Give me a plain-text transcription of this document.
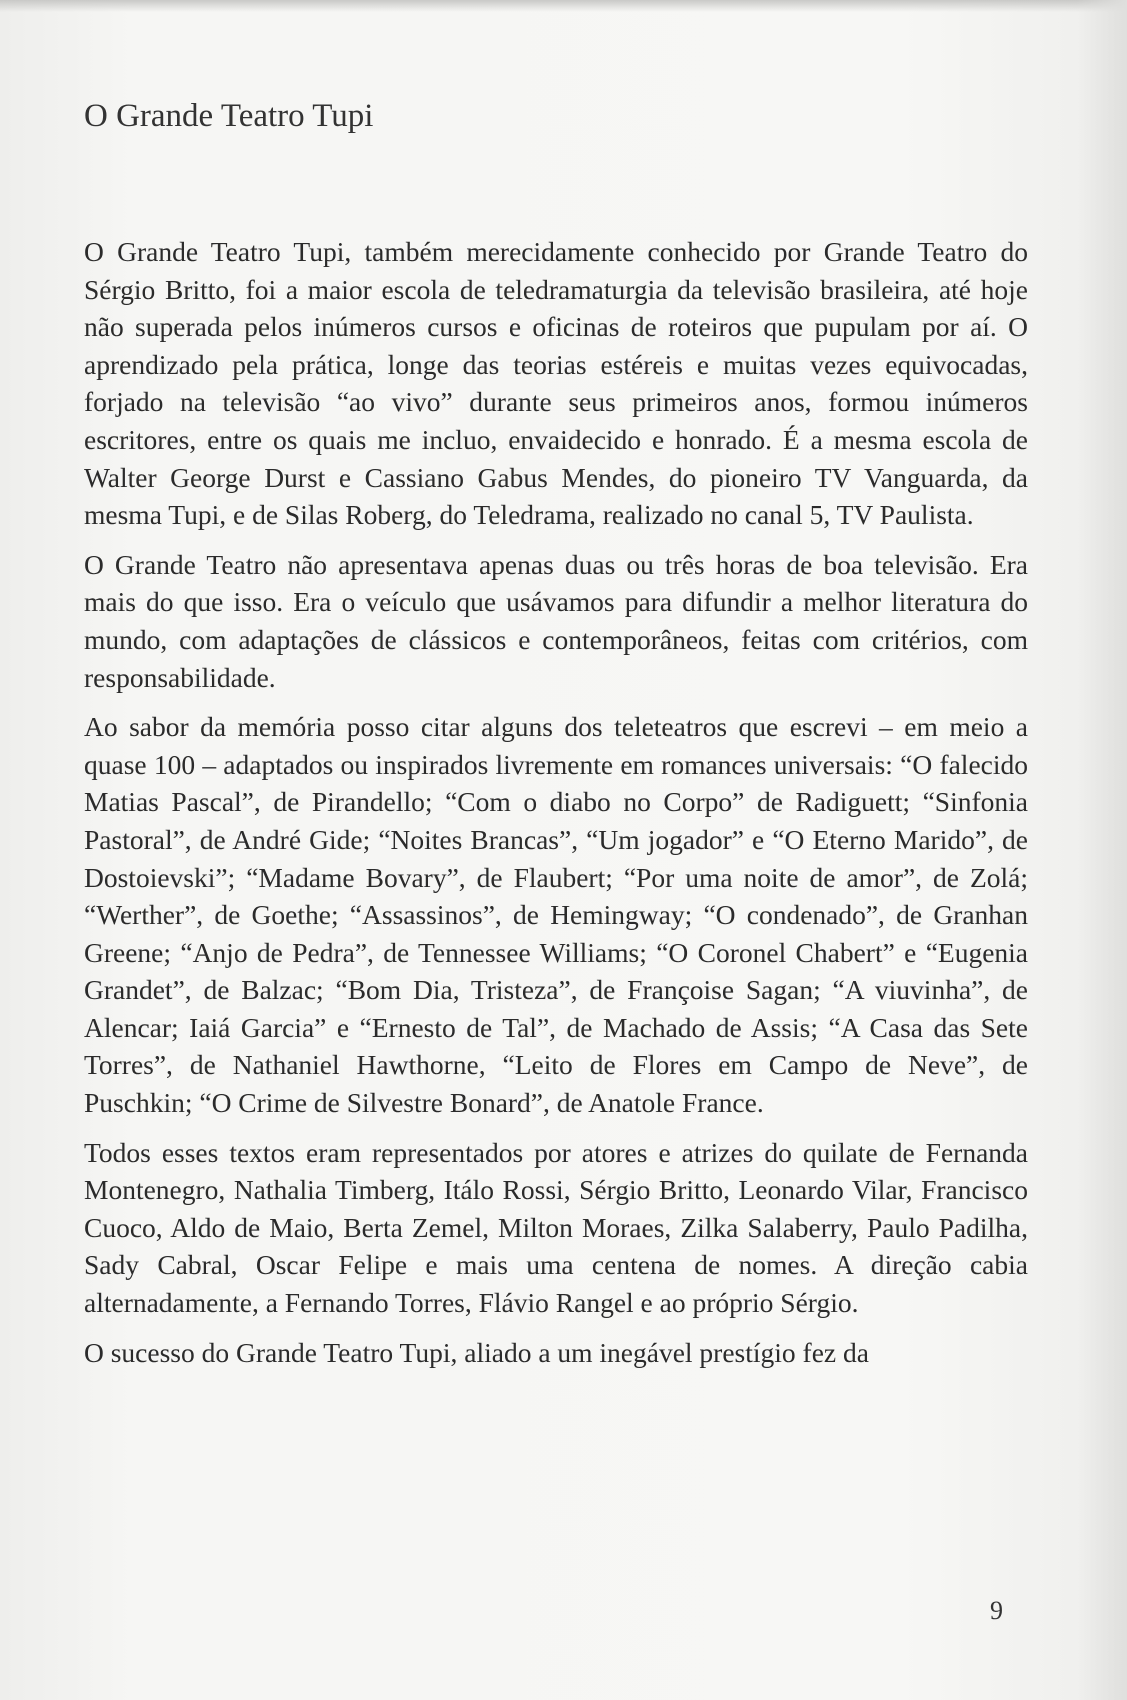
O Grande Teatro Tupi

O Grande Teatro Tupi, também merecidamente conhecido por Grande Teatro do Sérgio Britto, foi a maior escola de teledramaturgia da televisão brasileira, até hoje não superada pelos inúmeros cursos e oficinas de roteiros que pupulam por aí. O aprendizado pela prática, longe das teorias estéreis e muitas vezes equivocadas, forjado na televisão “ao vivo” durante seus primeiros anos, formou inúmeros escritores, entre os quais me incluo, envaidecido e honrado. É a mesma escola de Walter George Durst e Cassiano Gabus Mendes, do pioneiro TV Vanguarda, da mesma Tupi, e de Silas Roberg, do Teledrama, realizado no canal 5, TV Paulista.

O Grande Teatro não apresentava apenas duas ou três horas de boa televisão. Era mais do que isso. Era o veículo que usávamos para difundir a melhor literatura do mundo, com adaptações de clássicos e contemporâneos, feitas com critérios, com responsabilidade.

Ao sabor da memória posso citar alguns dos teleteatros que escrevi – em meio a quase 100 – adaptados ou inspirados livremente em romances universais: “O falecido Matias Pascal”, de Pirandello; “Com o diabo no Corpo” de Radiguett; “Sinfonia Pastoral”, de André Gide; “Noites Brancas”, “Um jogador” e “O Eterno Marido”, de Dostoievski”; “Madame Bovary”, de Flaubert; “Por uma noite de amor”, de Zolá; “Werther”, de Goethe; “Assassinos”, de Hemingway; “O condenado”, de Granhan Greene; “Anjo de Pedra”, de Tennessee Williams; “O Coronel Chabert” e “Eugenia Grandet”, de Balzac; “Bom Dia, Tristeza”, de Françoise Sagan; “A viuvinha”, de Alencar; Iaiá Garcia” e “Ernesto de Tal”, de Machado de Assis; “A Casa das Sete Torres”, de Nathaniel Hawthorne, “Leito de Flores em Campo de Neve”, de Puschkin; “O Crime de Silvestre Bonard”, de Anatole France.

Todos esses textos eram representados por atores e atrizes do quilate de Fernanda Montenegro, Nathalia Timberg, Itálo Rossi, Sérgio Britto, Leonardo Vilar, Francisco Cuoco, Aldo de Maio, Berta Zemel, Milton Moraes, Zilka Salaberry, Paulo Padilha, Sady Cabral, Oscar Felipe e mais uma centena de nomes. A direção cabia alternadamente, a Fernando Torres, Flávio Rangel e ao próprio Sérgio.

O sucesso do Grande Teatro Tupi, aliado a um inegável prestígio fez da

9
